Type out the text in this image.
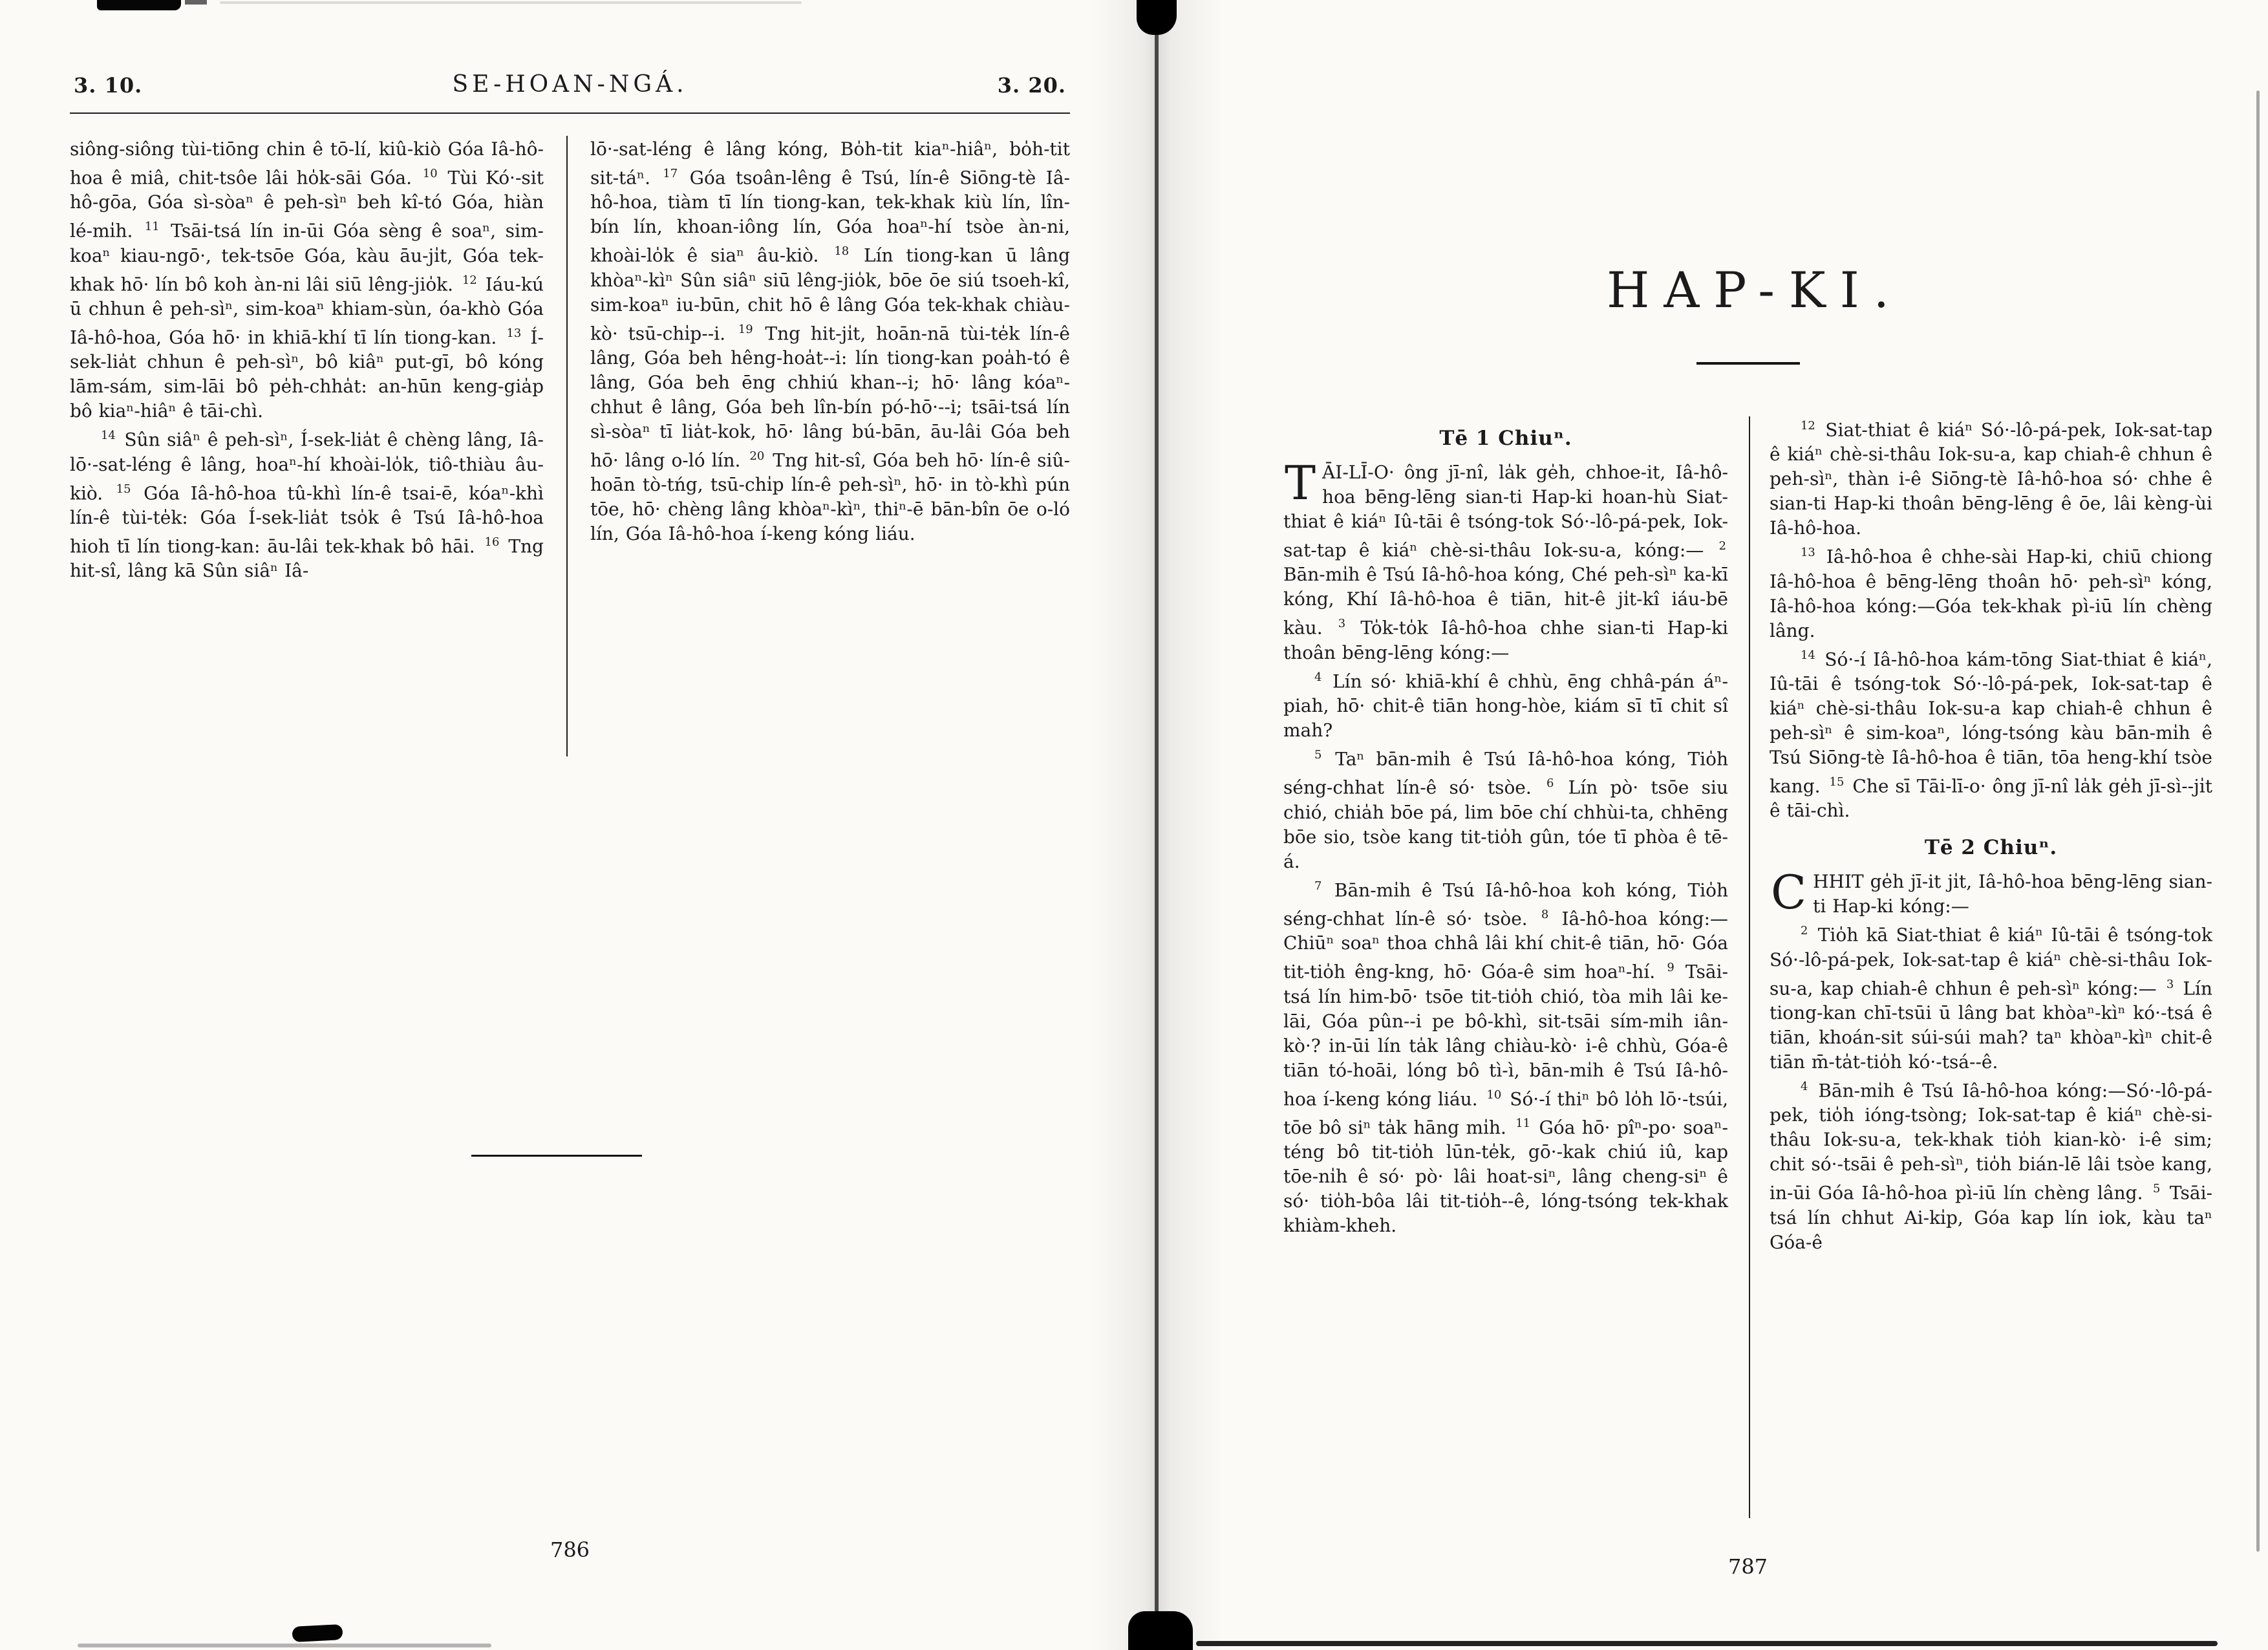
3. 10.	SE-HOAN-NGÁ.	3. 20.

siông-siông tùi-tiōng chin ê tō-lí, kiû-kiò Góa Iâ-hô-hoa ê miâ, chit-tsôe lâi ho̍k-sāi Góa. $^{10}$ Tùi Kó·-sit hô-gōa, Góa sì-sòaⁿ ê peh-sìⁿ beh kî-tó Góa, hiàn lé-mi̍h. $^{11}$ Tsāi-tsá lín in-ūi Góa sèng ê soaⁿ, sim-koaⁿ kiau-ngō·, tek-tsōe Góa, kàu āu-ji̍t, Góa tek-khak hō· lín bô koh àn-ni lâi siū lêng-jio̍k. $^{12}$ Iáu-kú ū chhun ê peh-sìⁿ, sim-koaⁿ khiam-sùn, óa-khò Góa Iâ-hô-hoa, Góa hō· in khiā-khí tī lín tiong-kan. $^{13}$ Í-sek-lia̍t chhun ê peh-sìⁿ, bô kiâⁿ put-gī, bô kóng lām-sám, sim-lāi bô pe̍h-chha̍t: an-hūn keng-gia̍p bô kiaⁿ-hiâⁿ ê tāi-chì.

$^{14}$ Sûn siâⁿ ê peh-sìⁿ, Í-sek-lia̍t ê chèng lâng, Iâ-lō·-sat-léng ê lâng, hoaⁿ-hí khoài-lo̍k, tiô-thiàu âu-kiò. $^{15}$ Góa Iâ-hô-hoa tû-khì lín-ê tsai-ē, kóaⁿ-khì lín-ê tùi-te̍k: Góa Í-sek-lia̍t tso̍k ê Tsú Iâ-hô-hoa hioh tī lín tiong-kan: āu-lâi tek-khak bô hāi. $^{16}$ Tng hit-sî, lâng kā Sûn siâⁿ Iâ-

lō·-sat-léng ê lâng kóng, Bo̍h-tit kiaⁿ-hiâⁿ, bo̍h-tit sit-táⁿ. $^{17}$ Góa tsoân-lêng ê Tsú, lín-ê Siōng-tè Iâ-hô-hoa, tiàm tī lín tiong-kan, tek-khak kiù lín, lîn-bín lín, khoan-iông lín, Góa hoaⁿ-hí tsòe àn-ni, khoài-lo̍k ê siaⁿ âu-kiò. $^{18}$ Lín tiong-kan ū lâng khòaⁿ-kìⁿ Sûn siâⁿ siū lêng-jio̍k, bōe ōe siú tsoeh-kî, sim-koaⁿ iu-būn, chit hō ê lâng Góa tek-khak chiàu-kò· tsū-chi̍p--i. $^{19}$ Tng hit-ji̍t, hoān-nā tùi-te̍k lín-ê lâng, Góa beh hêng-hoa̍t--i: lín tiong-kan poa̍h-tó ê lâng, Góa beh ēng chhiú khan--i; hō· lâng kóaⁿ-chhut ê lâng, Góa beh lîn-bín pó-hō·--i; tsāi-tsá lín sì-sòaⁿ tī lia̍t-kok, hō· lâng bú-bān, āu-lâi Góa beh hō· lâng o-ló lín. $^{20}$ Tng hit-sî, Góa beh hō· lín-ê siû-hoān tò-tńg, tsū-chi̍p lín-ê peh-sìⁿ, hō· in tò-khì pún tōe, hō· chèng lâng khòaⁿ-kìⁿ, thiⁿ-ē bān-bîn ōe o-ló lín, Góa Iâ-hô-hoa í-keng kóng liáu.

786
HAP-KI.
Tē 1 Chiuⁿ.

TĀI-LĪ-O· ông jī-nî, la̍k ge̍h, chhoe-it, Iâ-hô-hoa bēng-lēng sian-ti Hap-ki hoan-hù Siat-thiat ê kiáⁿ Iû-tāi ê tsóng-tok Só·-lô-pá-pek, Iok-sat-tap ê kiáⁿ chè-si-thâu Iok-su-a, kóng:— $^2$ Bān-mi̍h ê Tsú Iâ-hô-hoa kóng, Ché peh-sìⁿ ka-kī kóng, Khí Iâ-hô-hoa ê tiān, hit-ê ji̍t-kî iáu-bē kàu. $^3$ To̍k-to̍k Iâ-hô-hoa chhe sian-ti Hap-ki thoân bēng-lēng kóng:—

$^4$ Lín só· khiā-khí ê chhù, ēng chhâ-pán áⁿ-piah, hō· chit-ê tiān hong-hòe, kiám sī tī chit sî mah?

$^5$ Taⁿ bān-mi̍h ê Tsú Iâ-hô-hoa kóng, Tio̍h séng-chhat lín-ê só· tsòe. $^6$ Lín pò· tsōe siu chió, chia̍h bōe pá, lim bōe chí chhùi-ta, chhēng bōe sio, tsòe kang tit-tio̍h gûn, tóe tī phòa ê tē-á.

$^7$ Bān-mi̍h ê Tsú Iâ-hô-hoa koh kóng, Tio̍h séng-chhat lín-ê só· tsòe. $^8$ Iâ-hô-hoa kóng:—Chiūⁿ soaⁿ thoa chhâ lâi khí chit-ê tiān, hō· Góa tit-tio̍h êng-kng, hō· Góa-ê sim hoaⁿ-hí. $^9$ Tsāi-tsá lín him-bō· tsōe tit-tio̍h chió, tòa mi̍h lâi ke-lāi, Góa pûn--i pe bô-khì, sit-tsāi sím-mi̍h iân-kò·? in-ūi lín ta̍k lâng chiàu-kò· i-ê chhù, Góa-ê tiān tó-hoāi, lóng bô tì-ì, bān-mi̍h ê Tsú Iâ-hô-hoa í-keng kóng liáu. $^{10}$ Só·-í thiⁿ bô lo̍h lō·-tsúi, tōe bô siⁿ ta̍k hāng mi̍h. $^{11}$ Góa hō· pîⁿ-po· soaⁿ-téng bô tit-tio̍h lūn-te̍k, gō·-kak chiú iû, kap tōe-ni̍h ê só· pò· lâi hoat-siⁿ, lâng cheng-siⁿ ê só· tio̍h-bôa lâi tit-tio̍h--ê, lóng-tsóng tek-khak khiàm-kheh.

$^{12}$ Siat-thiat ê kiáⁿ Só·-lô-pá-pek, Iok-sat-tap ê kiáⁿ chè-si-thâu Iok-su-a, kap chiah-ê chhun ê peh-sìⁿ, thàn i-ê Siōng-tè Iâ-hô-hoa só· chhe ê sian-ti Hap-ki thoân bēng-lēng ê ōe, lâi kèng-ùi Iâ-hô-hoa.

$^{13}$ Iâ-hô-hoa ê chhe-sài Hap-ki, chiū chiong Iâ-hô-hoa ê bēng-lēng thoân hō· peh-sìⁿ kóng, Iâ-hô-hoa kóng:—Góa tek-khak pì-iū lín chèng lâng.

$^{14}$ Só·-í Iâ-hô-hoa kám-tōng Siat-thiat ê kiáⁿ, Iû-tāi ê tsóng-tok Só·-lô-pá-pek, Iok-sat-tap ê kiáⁿ chè-si-thâu Iok-su-a kap chiah-ê chhun ê peh-sìⁿ ê sim-koaⁿ, lóng-tsóng kàu bān-mi̍h ê Tsú Siōng-tè Iâ-hô-hoa ê tiān, tōa heng-khí tsòe kang. $^{15}$ Che sī Tāi-lī-o· ông jī-nî la̍k ge̍h jī-sì--ji̍t ê tāi-chì.

Tē 2 Chiuⁿ.

CHHIT ge̍h jī-it ji̍t, Iâ-hô-hoa bēng-lēng sian-ti Hap-ki kóng:—

$^2$ Tio̍h kā Siat-thiat ê kiáⁿ Iû-tāi ê tsóng-tok Só·-lô-pá-pek, Iok-sat-tap ê kiáⁿ chè-si-thâu Iok-su-a, kap chiah-ê chhun ê peh-sìⁿ kóng:— $^3$ Lín tiong-kan chī-tsūi ū lâng bat khòaⁿ-kìⁿ kó·-tsá ê tiān, khoán-sit súi-súi mah? taⁿ khòaⁿ-kìⁿ chit-ê tiān m̄-ta̍t-tio̍h kó·-tsá--ê.

$^4$ Bān-mi̍h ê Tsú Iâ-hô-hoa kóng:—Só·-lô-pá-pek, tio̍h ióng-tsòng; Iok-sat-tap ê kiáⁿ chè-si-thâu Iok-su-a, tek-khak tio̍h kian-kò· i-ê sim; chit só·-tsāi ê peh-sìⁿ, tio̍h bián-lē lâi tsòe kang, in-ūi Góa Iâ-hô-hoa pì-iū lín chèng lâng. $^5$ Tsāi-tsá lín chhut Ai-ki̍p, Góa kap lín iok, kàu taⁿ Góa-ê

787
